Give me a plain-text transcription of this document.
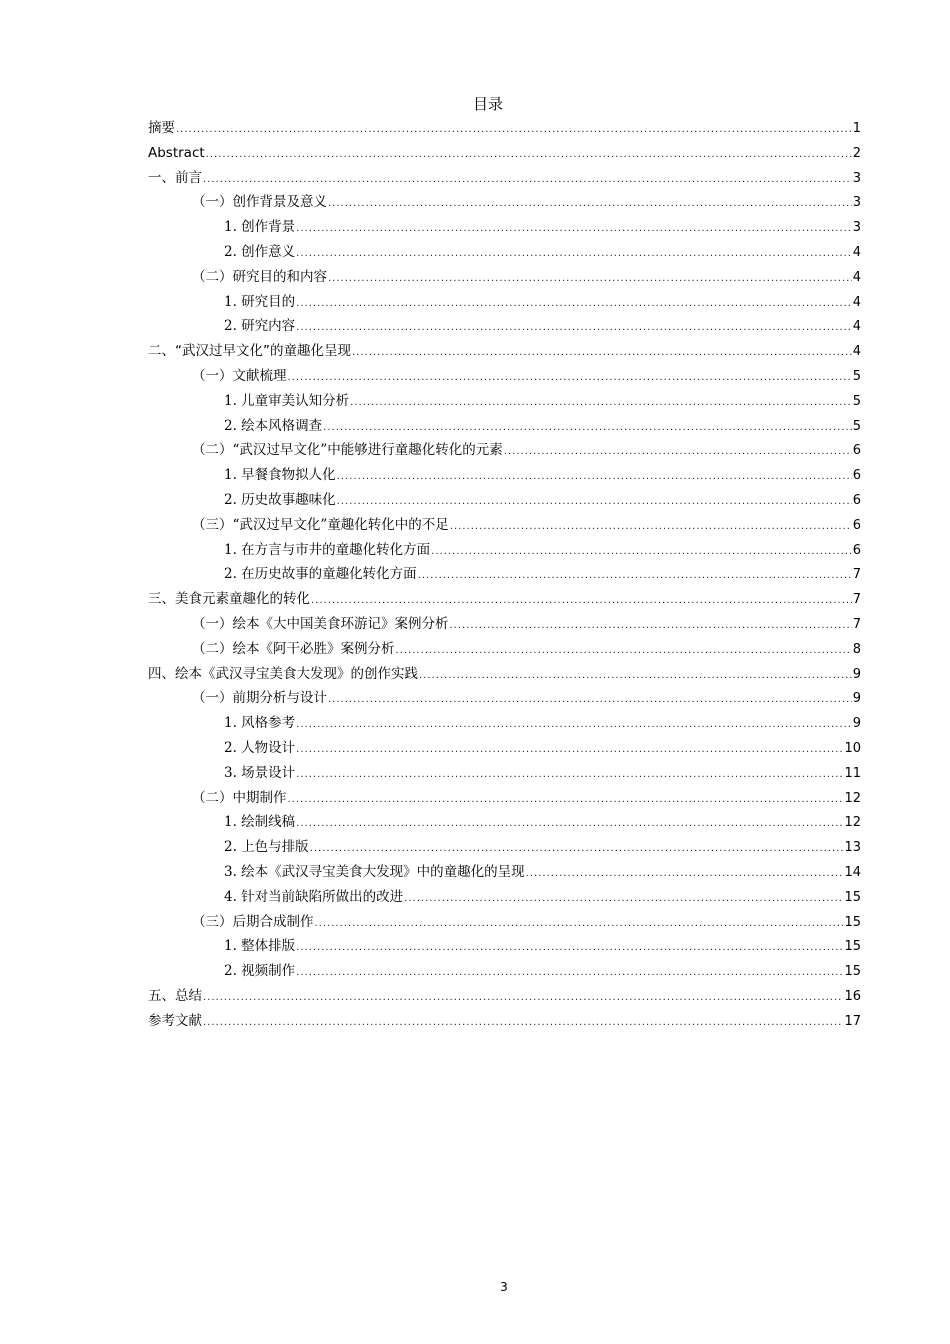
目录
摘要 .....	1
Abstract .....	2
一、前言 .....	3
（一）创作背景及意义 .....	3
1. 创作背景 .....	3
2. 创作意义 .....	4
（二）研究目的和内容 .....	4
1. 研究目的 .....	4
2. 研究内容 .....	4
二、“武汉过早文化”的童趣化呈现 .....	4
（一）文献梳理 .....	5
1. 儿童审美认知分析 .....	5
2. 绘本风格调查 .....	5
（二）“武汉过早文化”中能够进行童趣化转化的元素 .....	6
1. 早餐食物拟人化 .....	6
2. 历史故事趣味化 .....	6
（三）“武汉过早文化”童趣化转化中的不足 .....	6
1. 在方言与市井的童趣化转化方面 .....	6
2. 在历史故事的童趣化转化方面 .....	7
三、美食元素童趣化的转化 .....	7
（一）绘本《大中国美食环游记》案例分析 .....	7
（二）绘本《阿干必胜》案例分析 .....	8
四、绘本《武汉寻宝美食大发现》的创作实践 .....	9
（一）前期分析与设计 .....	9
1. 风格参考 .....	9
2. 人物设计 .....	10
3. 场景设计 .....	11
（二）中期制作 .....	12
1. 绘制线稿 .....	12
2. 上色与排版 .....	13
3. 绘本《武汉寻宝美食大发现》中的童趣化的呈现 .....	14
4. 针对当前缺陷所做出的改进 .....	15
（三）后期合成制作 .....	15
1. 整体排版 .....	15
2. 视频制作 .....	15
五、总结 .....	16
参考文献 .....	17
3
